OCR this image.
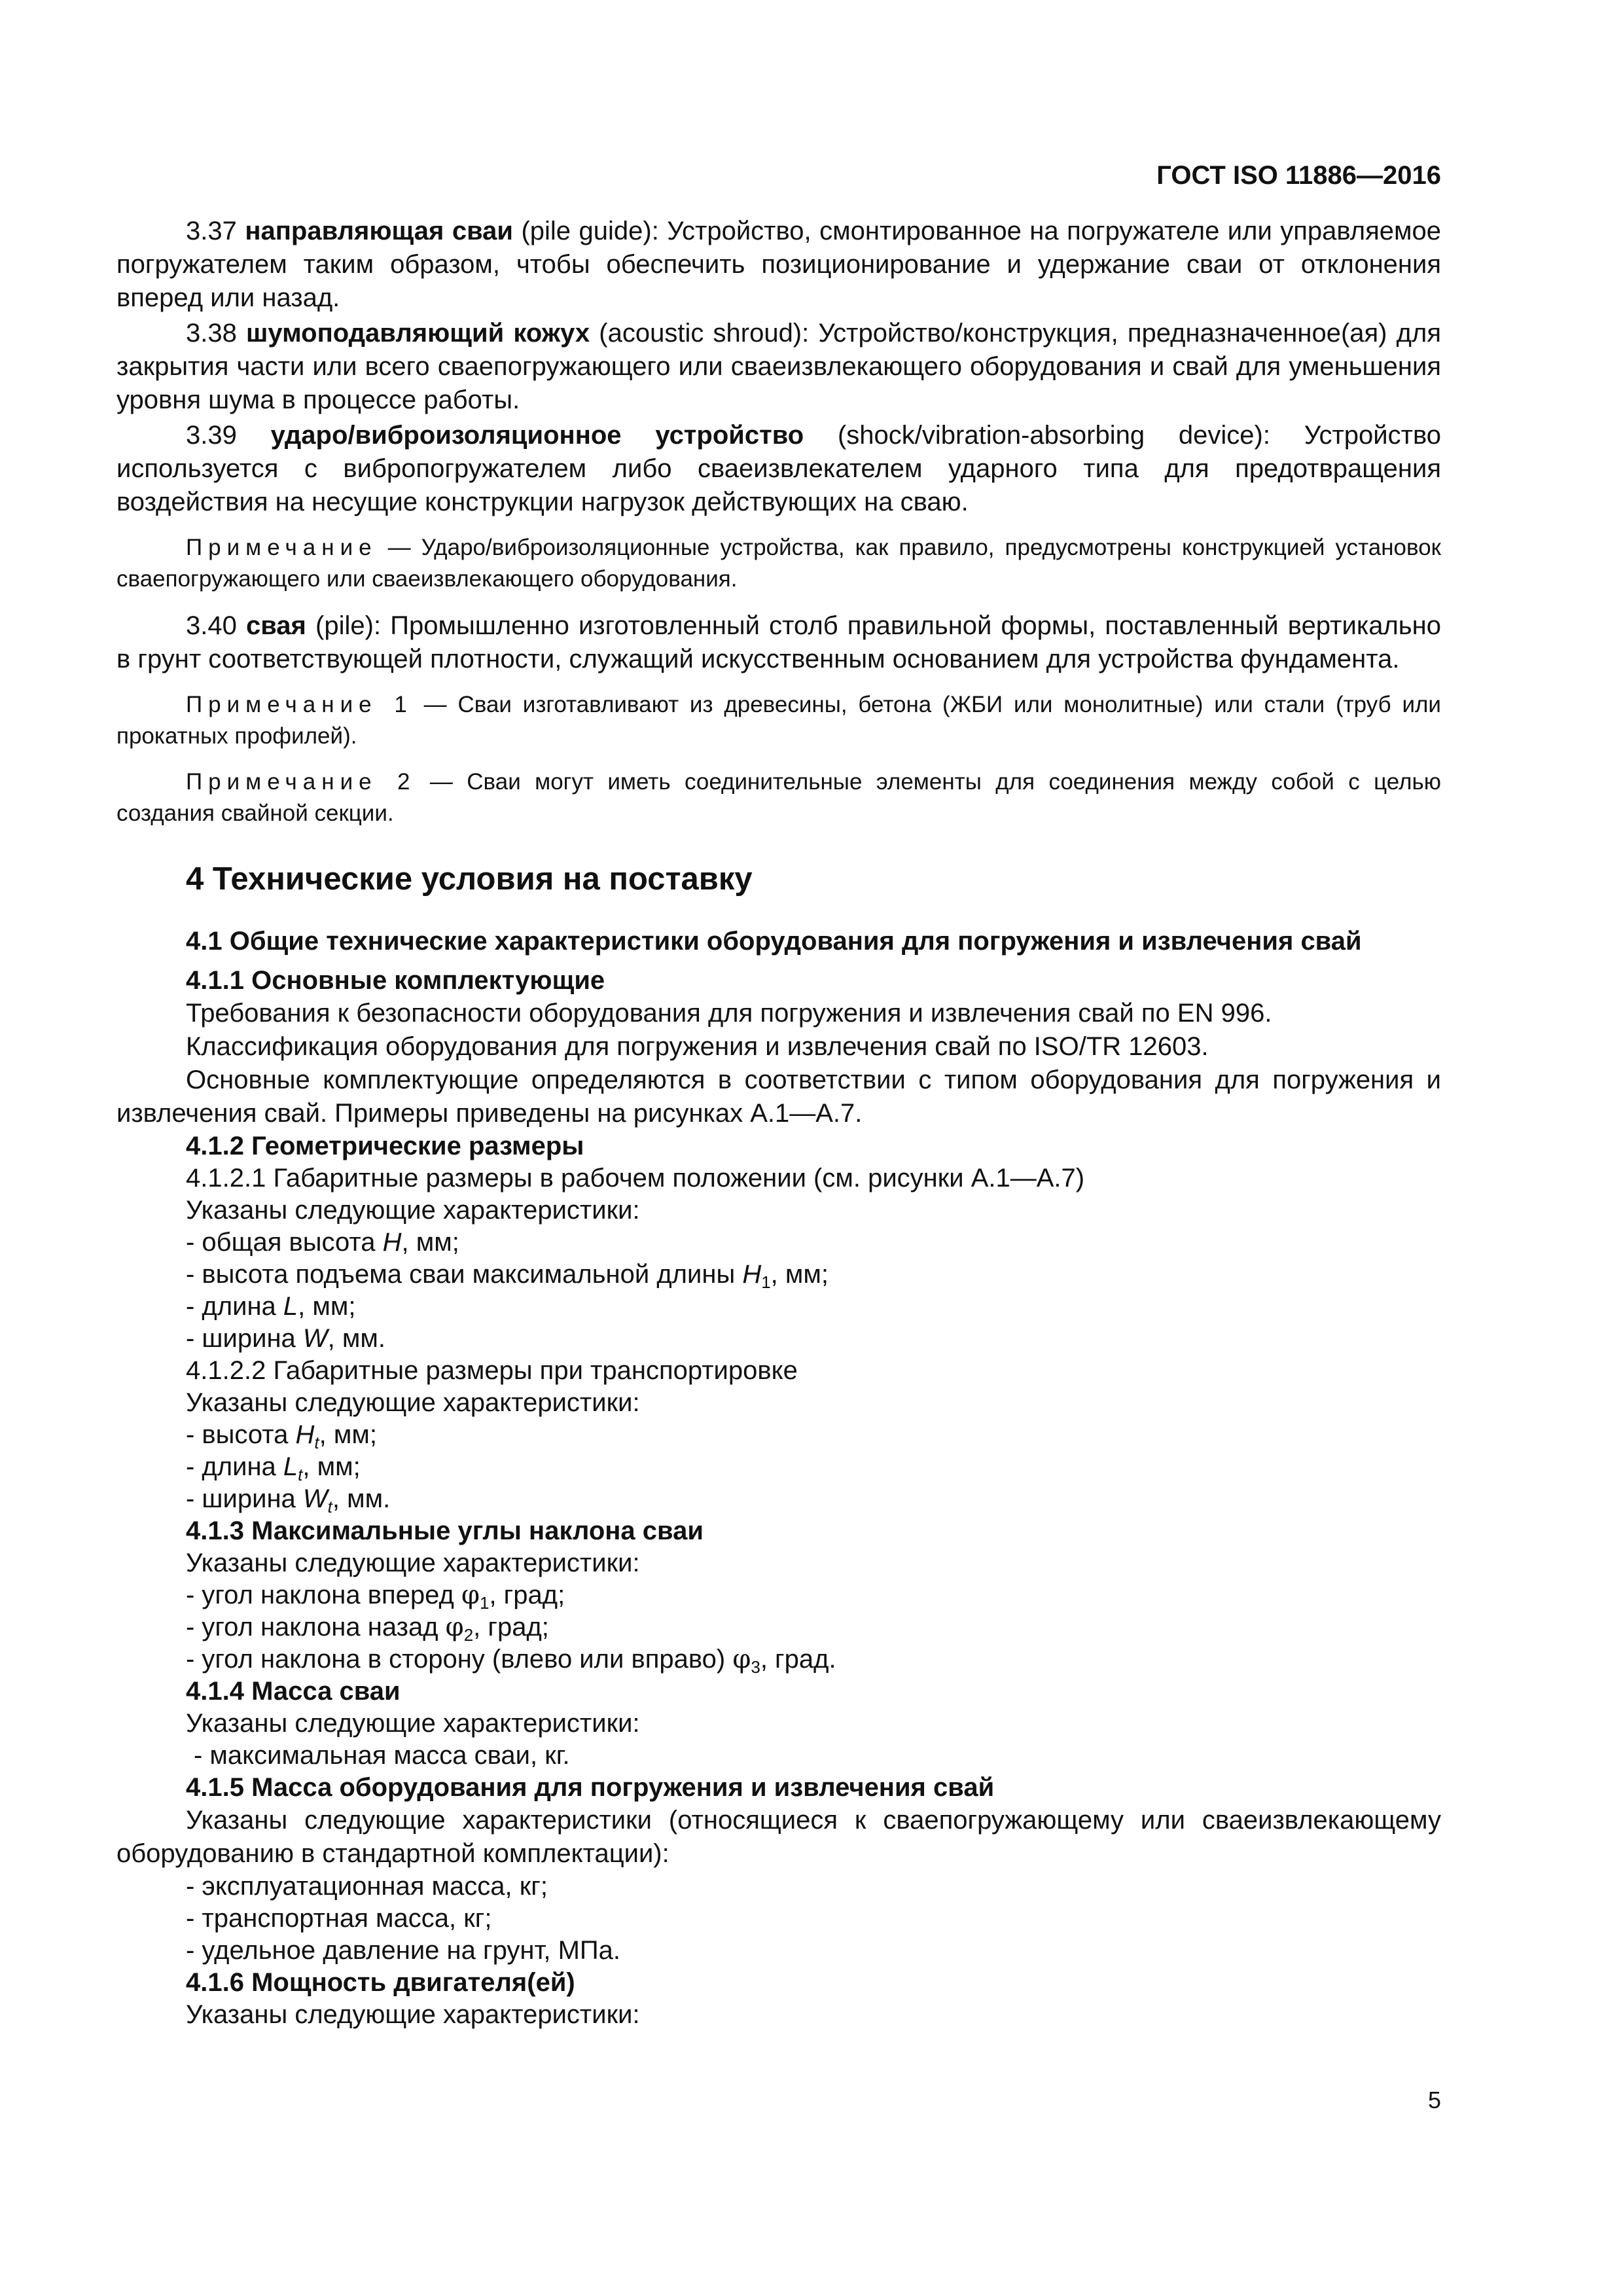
ГОСТ ISO 11886—2016

3.37 направляющая сваи (pile guide): Устройство, смонтированное на погружателе или управляемое погружателем таким образом, чтобы обеспечить позиционирование и удержание сваи от отклонения вперед или назад.

3.38 шумоподавляющий кожух (acoustic shroud): Устройство/конструкция, предназначенное(ая) для закрытия части или всего сваепогружающего или сваеизвлекающего оборудования и свай для уменьшения уровня шума в процессе работы.

3.39 ударо/виброизоляционное устройство (shock/vibration-absorbing device): Устройство используется с вибропогружателем либо сваеизвлекателем ударного типа для предотвращения воздействия на несущие конструкции нагрузок действующих на сваю.

Примечание — Ударо/виброизоляционные устройства, как правило, предусмотрены конструкцией установок сваепогружающего или сваеизвлекающего оборудования.

3.40 свая (pile): Промышленно изготовленный столб правильной формы, поставленный вертикально в грунт соответствующей плотности, служащий искусственным основанием для устройства фундамента.

Примечание 1 — Сваи изготавливают из древесины, бетона (ЖБИ или монолитные) или стали (труб или прокатных профилей).

Примечание 2 — Сваи могут иметь соединительные элементы для соединения между собой с целью создания свайной секции.

4 Технические условия на поставку
4.1 Общие технические характеристики оборудования для погружения и извлечения свай
4.1.1 Основные комплектующие

Требования к безопасности оборудования для погружения и извлечения свай по EN 996.

Классификация оборудования для погружения и извлечения свай по ISO/TR 12603.

Основные комплектующие определяются в соответствии с типом оборудования для погружения и извлечения свай. Примеры приведены на рисунках А.1—А.7.

4.1.2 Геометрические размеры
4.1.2.1 Габаритные размеры в рабочем положении (см. рисунки А.1—А.7)
Указаны следующие характеристики:
- общая высота H, мм;
- высота подъема сваи максимальной длины $H_1$, мм;
- длина L, мм;
- ширина W, мм.
4.1.2.2 Габаритные размеры при транспортировке
Указаны следующие характеристики:
- высота $H_t$, мм;
- длина $L_t$, мм;
- ширина $W_t$, мм.
4.1.3 Максимальные углы наклона сваи
Указаны следующие характеристики:
- угол наклона вперед $\varphi_1$, град;
- угол наклона назад $\varphi_2$, град;
- угол наклона в сторону (влево или вправо) $\varphi_3$, град.
4.1.4 Масса сваи
Указаны следующие характеристики:
- максимальная масса сваи, кг.
4.1.5 Масса оборудования для погружения и извлечения свай

Указаны следующие характеристики (относящиеся к сваепогружающему или сваеизвлекающему оборудованию в стандартной комплектации):

- эксплуатационная масса, кг;
- транспортная масса, кг;
- удельное давление на грунт, МПа.
4.1.6 Мощность двигателя(ей)
Указаны следующие характеристики:
5
